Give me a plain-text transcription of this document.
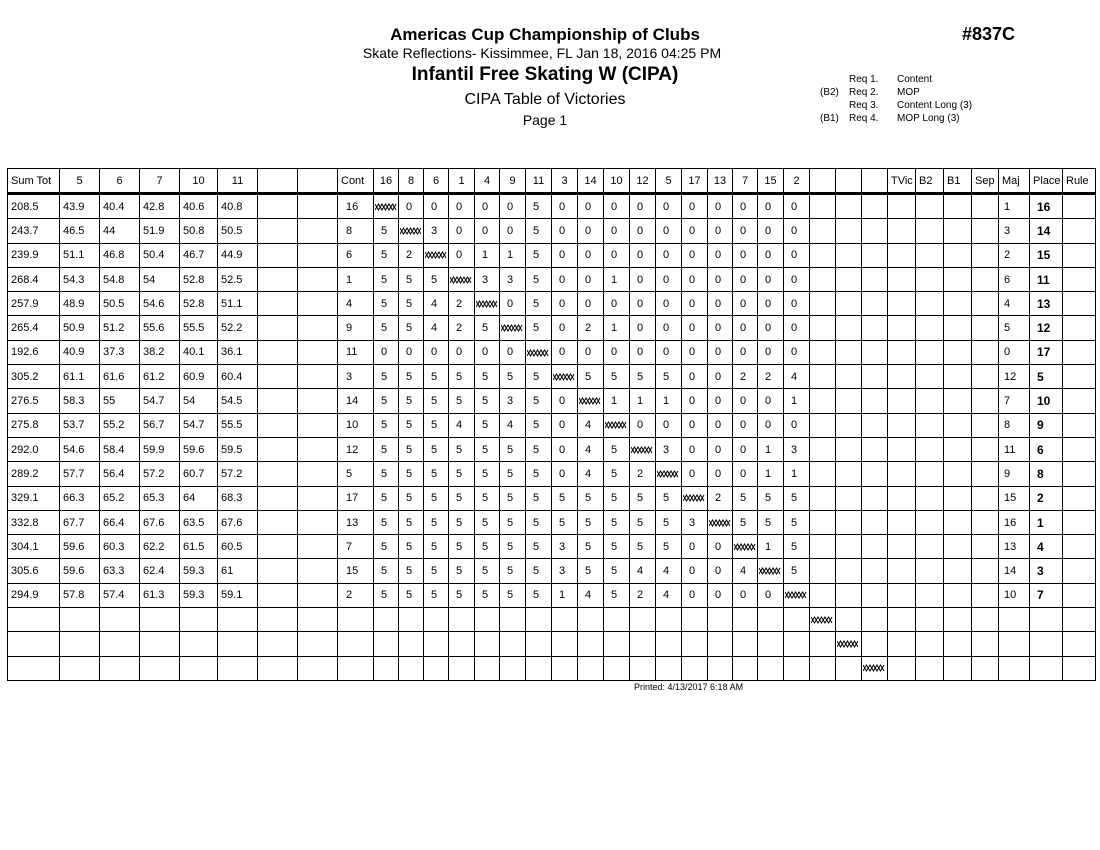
Americas Cup Championship of Clubs
Skate Reflections- Kissimmee, FL Jan 18, 2016 04:25 PM
Infantil Free Skating W (CIPA)
CIPA Table of Victories
Page 1
#837C
Req 1.	Content
(B2)	Req 2.	MOP
Req 3.	Content Long (3)
(B1)	Req 4.	MOP Long (3)
Sum Tot	5	6	7	10	11			Cont	16	8	6	1	4	9	11	3	14	10	12	5	17	13	7	15	2				TVic	B2	B1	Sep	Maj	Place	Rule
208.5	43.9	40.4	42.8	40.6	40.8			16		0	0	0	0	0	5	0	0	0	0	0	0	0	0	0	0								1	16	
243.7	46.5	44	51.9	50.8	50.5			8	5		3	0	0	0	5	0	0	0	0	0	0	0	0	0	0								3	14	
239.9	51.1	46.8	50.4	46.7	44.9			6	5	2		0	1	1	5	0	0	0	0	0	0	0	0	0	0								2	15	
268.4	54.3	54.8	54	52.8	52.5			1	5	5	5		3	3	5	0	0	1	0	0	0	0	0	0	0								6	11	
257.9	48.9	50.5	54.6	52.8	51.1			4	5	5	4	2		0	5	0	0	0	0	0	0	0	0	0	0								4	13	
265.4	50.9	51.2	55.6	55.5	52.2			9	5	5	4	2	5		5	0	2	1	0	0	0	0	0	0	0								5	12	
192.6	40.9	37.3	38.2	40.1	36.1			11	0	0	0	0	0	0		0	0	0	0	0	0	0	0	0	0								0	17	
305.2	61.1	61.6	61.2	60.9	60.4			3	5	5	5	5	5	5	5		5	5	5	5	0	0	2	2	4								12	5	
276.5	58.3	55	54.7	54	54.5			14	5	5	5	5	5	3	5	0		1	1	1	0	0	0	0	1								7	10	
275.8	53.7	55.2	56.7	54.7	55.5			10	5	5	5	4	5	4	5	0	4		0	0	0	0	0	0	0								8	9	
292.0	54.6	58.4	59.9	59.6	59.5			12	5	5	5	5	5	5	5	0	4	5		3	0	0	0	1	3								11	6	
289.2	57.7	56.4	57.2	60.7	57.2			5	5	5	5	5	5	5	5	0	4	5	2		0	0	0	1	1								9	8	
329.1	66.3	65.2	65.3	64	68.3			17	5	5	5	5	5	5	5	5	5	5	5	5		2	5	5	5								15	2	
332.8	67.7	66.4	67.6	63.5	67.6			13	5	5	5	5	5	5	5	5	5	5	5	5	3		5	5	5								16	1	
304.1	59.6	60.3	62.2	61.5	60.5			7	5	5	5	5	5	5	5	3	5	5	5	5	0	0		1	5								13	4	
305.6	59.6	63.3	62.4	59.3	61			15	5	5	5	5	5	5	5	3	5	5	4	4	0	0	4		5								14	3	
294.9	57.8	57.4	61.3	59.3	59.1			2	5	5	5	5	5	5	5	1	4	5	2	4	0	0	0	0									10	7	

Printed: 4/13/2017 6:18 AM
